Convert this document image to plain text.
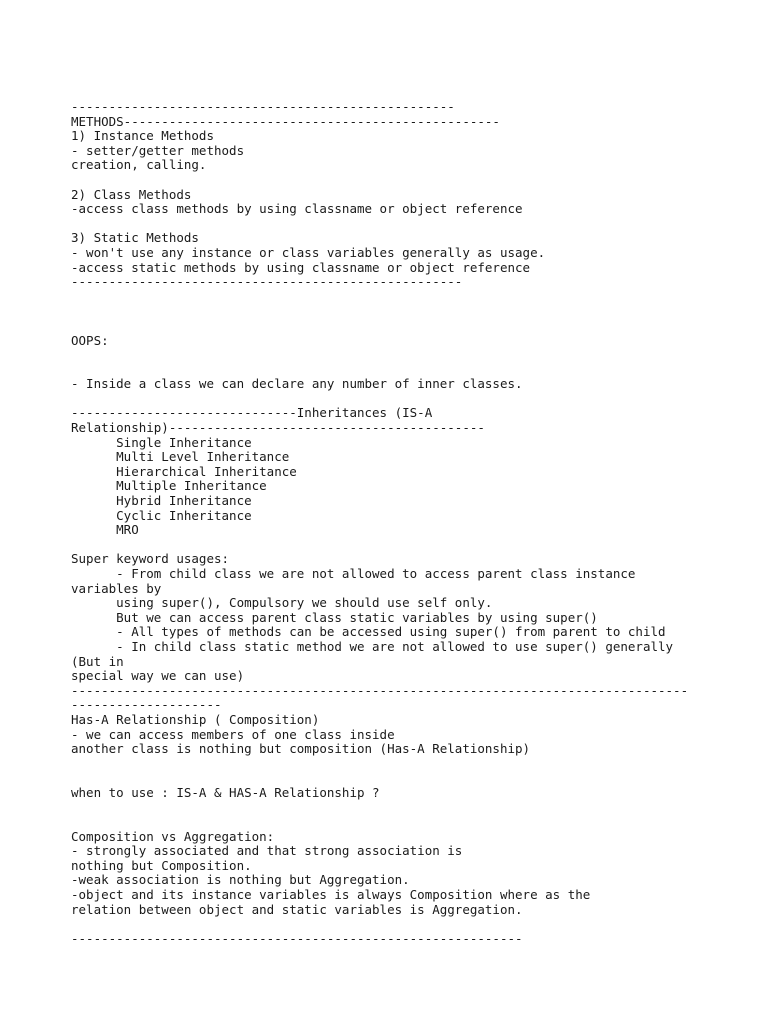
---------------------------------------------------
METHODS--------------------------------------------------
1) Instance Methods
- setter/getter methods
creation, calling.
2) Class Methods
-access class methods by using classname or object reference
3) Static Methods
- won't use any instance or class variables generally as usage.
-access static methods by using classname or object reference
----------------------------------------------------
OOPS:
- Inside a class we can declare any number of inner classes.
------------------------------Inheritances (IS-A
Relationship)------------------------------------------
Single Inheritance
Multi Level Inheritance
Hierarchical Inheritance
Multiple Inheritance
Hybrid Inheritance
Cyclic Inheritance
MRO
Super keyword usages:
- From child class we are not allowed to access parent class instance
variables by
using super(), Compulsory we should use self only.
But we can access parent class static variables by using super()
- All types of methods can be accessed using super() from parent to child
- In child class static method we are not allowed to use super() generally
(But in
special way we can use)
----------------------------------------------------------------------------------
--------------------
Has-A Relationship ( Composition)
- we can access members of one class inside
another class is nothing but composition (Has-A Relationship)
when to use : IS-A & HAS-A Relationship ?
Composition vs Aggregation:
- strongly associated and that strong association is
nothing but Composition.
-weak association is nothing but Aggregation.
-object and its instance variables is always Composition where as the
relation between object and static variables is Aggregation.
------------------------------------------------------------
